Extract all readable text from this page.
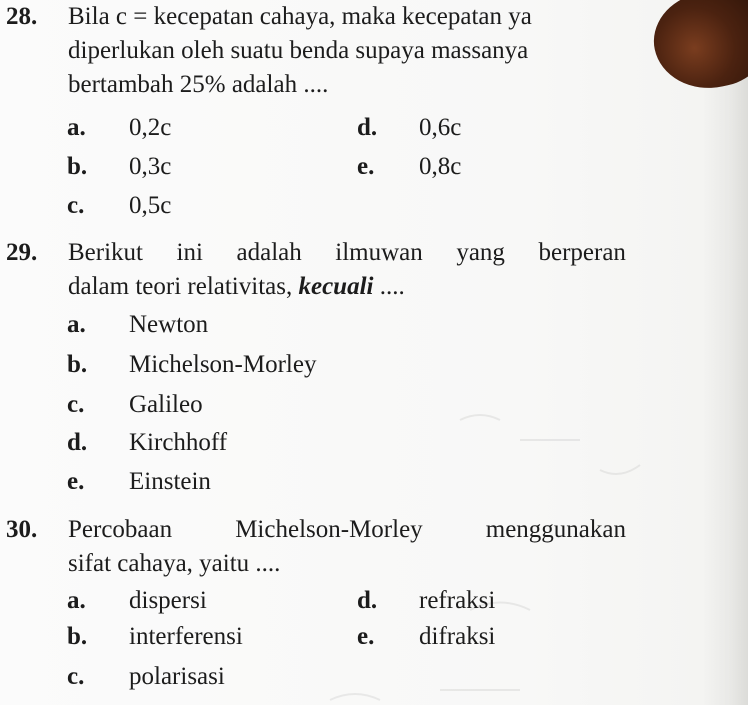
28.	Bila c = kecepatan cahaya, maka kecepatan ya
diperlukan oleh suatu benda supaya massanya
bertambah 25% adalah ....
a. 0,2c
b. 0,3c
c. 0,5c
d. 0,6c
e. 0,8c
29.	Berikut ini adalah ilmuwan yang berperan
dalam teori relativitas, kecuali ....
a. Newton
b. Michelson-Morley
c. Galileo
d. Kirchhoff
e. Einstein
30.	Percobaan	Michelson-Morley	menggunakan
sifat cahaya, yaitu ....
a. dispersi
b. interferensi
c. polarisasi
d. refraksi
e. difraksi
